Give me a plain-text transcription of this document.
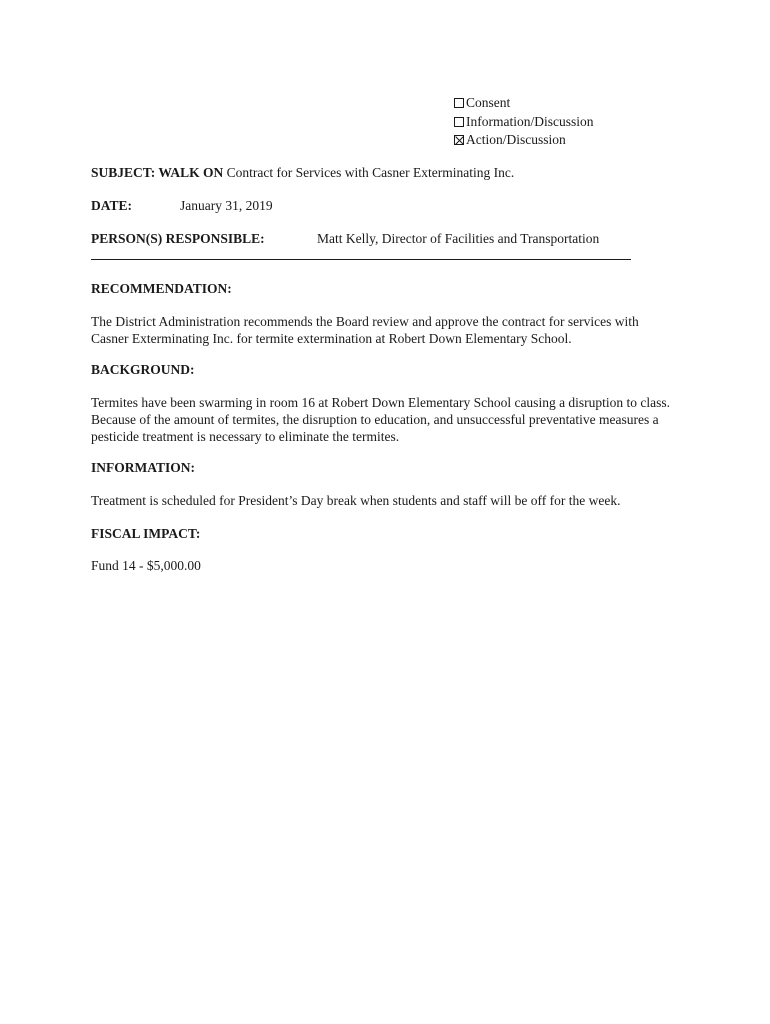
Consent
Information/Discussion
Action/Discussion
SUBJECT: WALK ON Contract for Services with Casner Exterminating Inc.
DATE:	January 31, 2019
PERSON(S) RESPONSIBLE:	Matt Kelly, Director of Facilities and Transportation
RECOMMENDATION:
The District Administration recommends the Board review and approve the contract for services with Casner Exterminating Inc. for termite extermination at Robert Down Elementary School.
BACKGROUND:
Termites have been swarming in room 16 at Robert Down Elementary School causing a disruption to class. Because of the amount of termites, the disruption to education, and unsuccessful preventative measures a pesticide treatment is necessary to eliminate the termites.
INFORMATION:
Treatment is scheduled for President’s Day break when students and staff will be off for the week.
FISCAL IMPACT:
Fund 14 - $5,000.00
